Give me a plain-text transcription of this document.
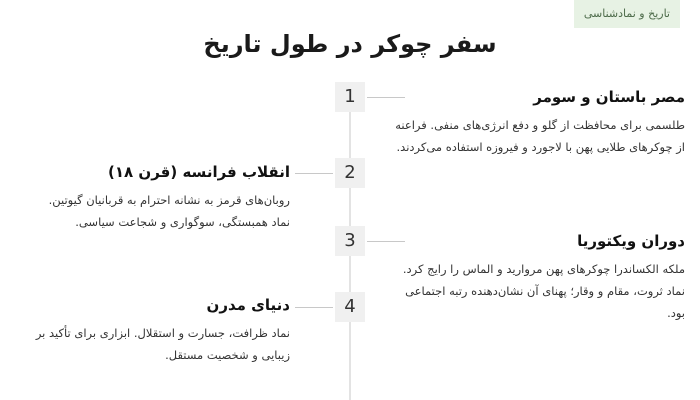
تاریخ و نمادشناسی
سفر چوکر در طول تاریخ
1	مصر باستان و سومر

طلسمی برای محافظت از گلو و دفع انرژی‌های منفی. فراعنه از چوکرهای طلایی پهن با لاجورد و فیروزه استفاده می‌کردند.

2
انقلاب فرانسه (قرن ۱۸)

روبان‌های قرمز به نشانه احترام به قربانیان گیوتین. نماد همبستگی، سوگواری و شجاعت سیاسی.

3	دوران ویکتوریا

ملکه الکساندرا چوکرهای پهن مروارید و الماس را رایج کرد. نماد ثروت، مقام و وقار؛ پهنای آن نشان‌دهنده رتبه اجتماعی بود.

4
دنیای مدرن

نماد ظرافت، جسارت و استقلال. ابزاری برای تأکید بر زیبایی و شخصیت مستقل.
